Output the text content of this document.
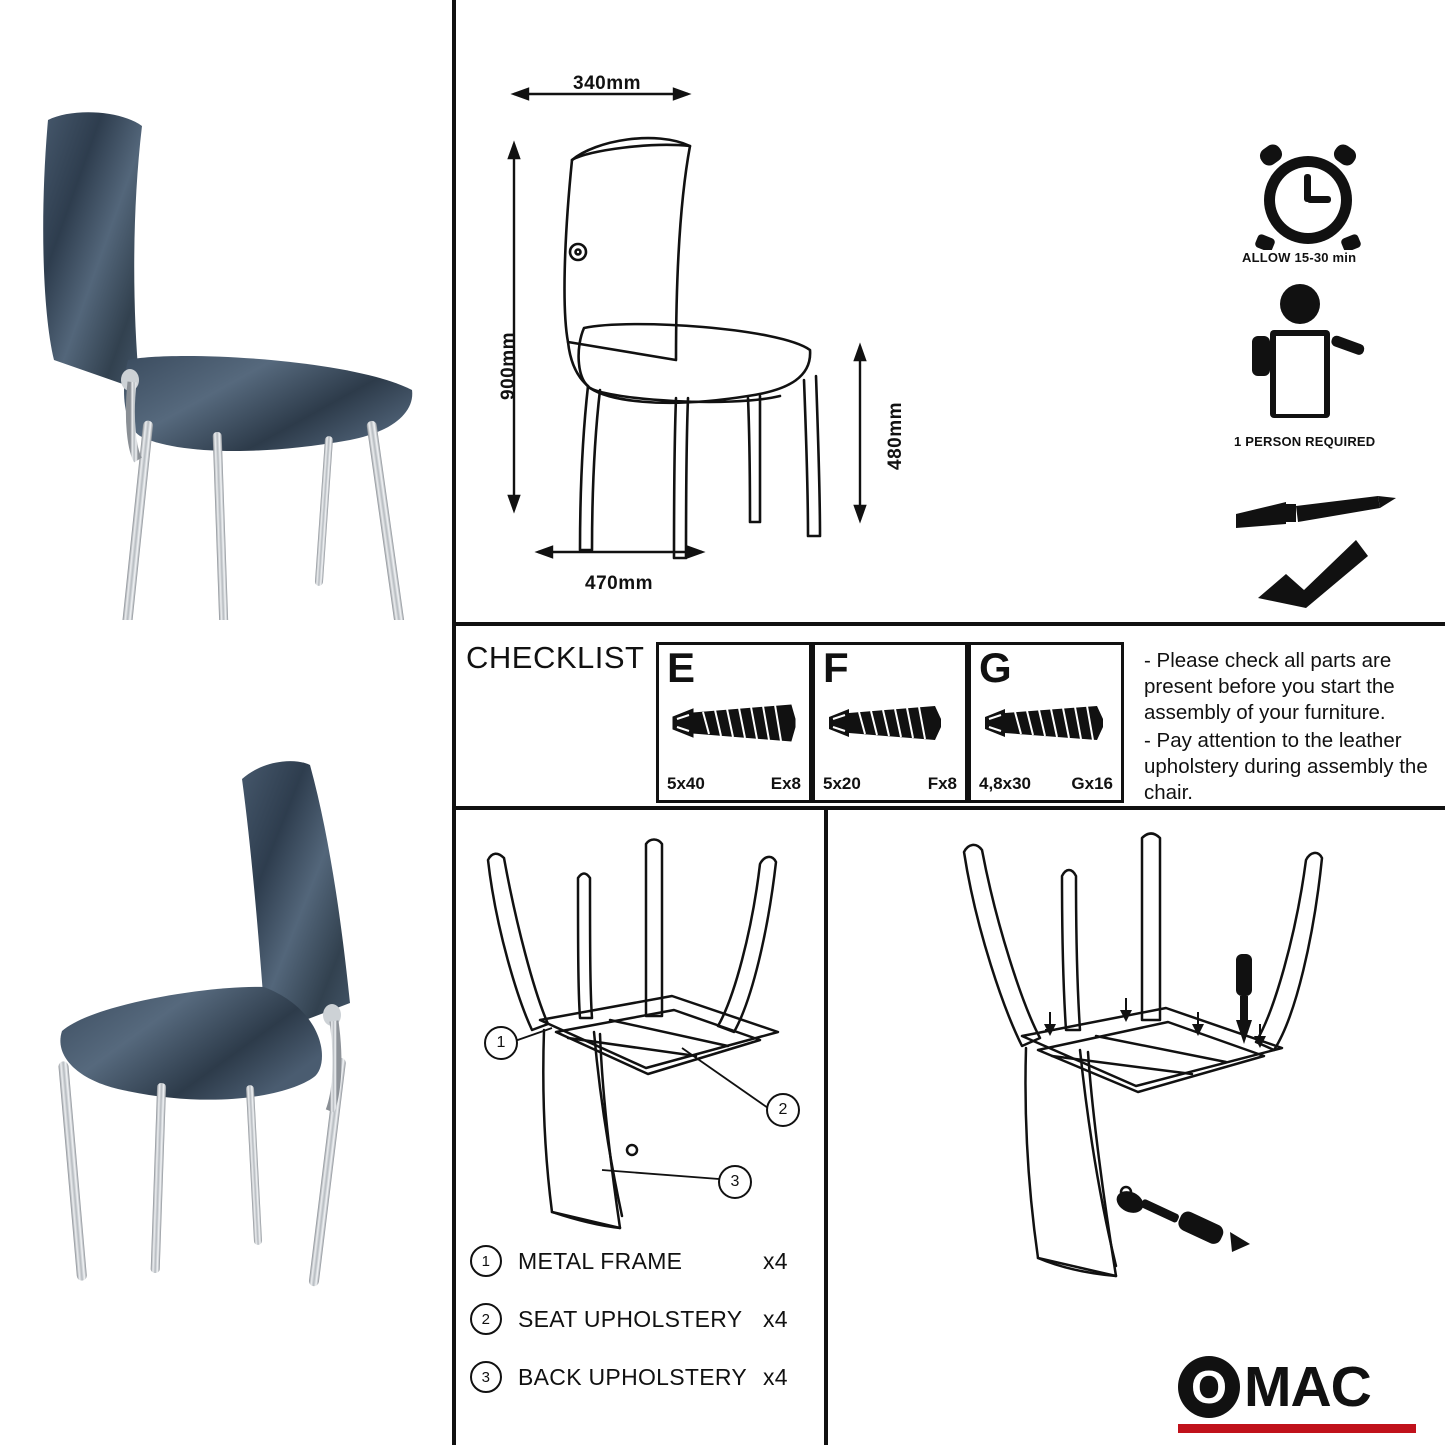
340mm
900mm
480mm
470mm
ALLOW 15-30 min
1 PERSON REQUIRED
CHECKLIST E
5x40	Ex8
F
5x20	Fx8
G
4,8x30 Gx16
- Please check all parts are present before you start the assembly of your furniture.
- Pay attention to the leather upholstery during assembly the chair.
1
2
3
1	METAL FRAME	x4
2	SEAT UPHOLSTERY x4
3	BACK UPHOLSTERY x4	O MAC
